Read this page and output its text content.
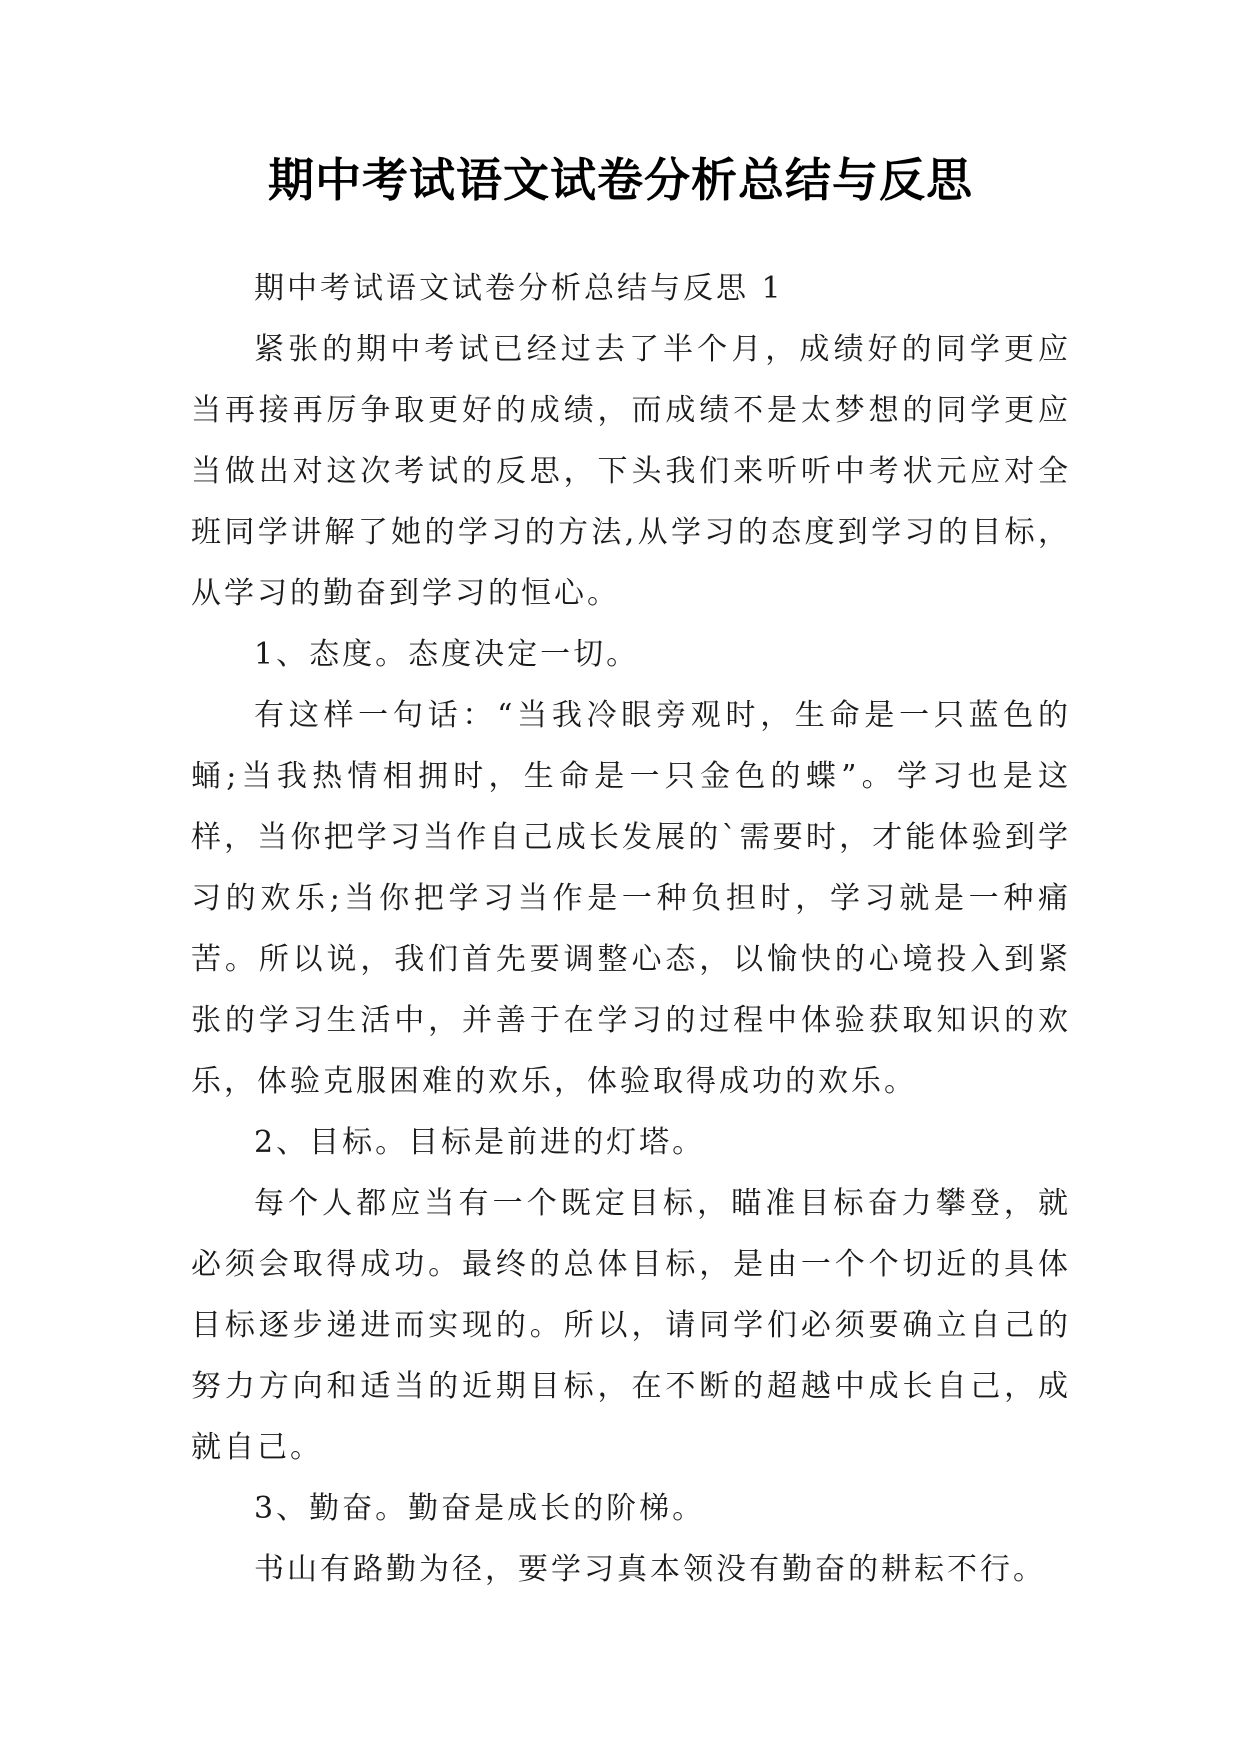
期中考试语文试卷分析总结与反思

期中考试语文试卷分析总结与反思 1

紧张的期中考试已经过去了半个月，成绩好的同学更应当再接再厉争取更好的成绩，而成绩不是太梦想的同学更应当做出对这次考试的反思，下头我们来听听中考状元应对全班同学讲解了她的学习的方法,从学习的态度到学习的目标，从学习的勤奋到学习的恒心。

1、态度。态度决定一切。

有这样一句话：“当我冷眼旁观时，生命是一只蓝色的蛹;当我热情相拥时，生命是一只金色的蝶”。学习也是这样，当你把学习当作自己成长发展的`需要时，才能体验到学习的欢乐;当你把学习当作是一种负担时，学习就是一种痛苦。所以说，我们首先要调整心态，以愉快的心境投入到紧张的学习生活中，并善于在学习的过程中体验获取知识的欢乐，体验克服困难的欢乐，体验取得成功的欢乐。

2、目标。目标是前进的灯塔。

每个人都应当有一个既定目标，瞄准目标奋力攀登，就必须会取得成功。最终的总体目标，是由一个个切近的具体目标逐步递进而实现的。所以，请同学们必须要确立自己的努力方向和适当的近期目标，在不断的超越中成长自己，成就自己。

3、勤奋。勤奋是成长的阶梯。

书山有路勤为径，要学习真本领没有勤奋的耕耘不行。
